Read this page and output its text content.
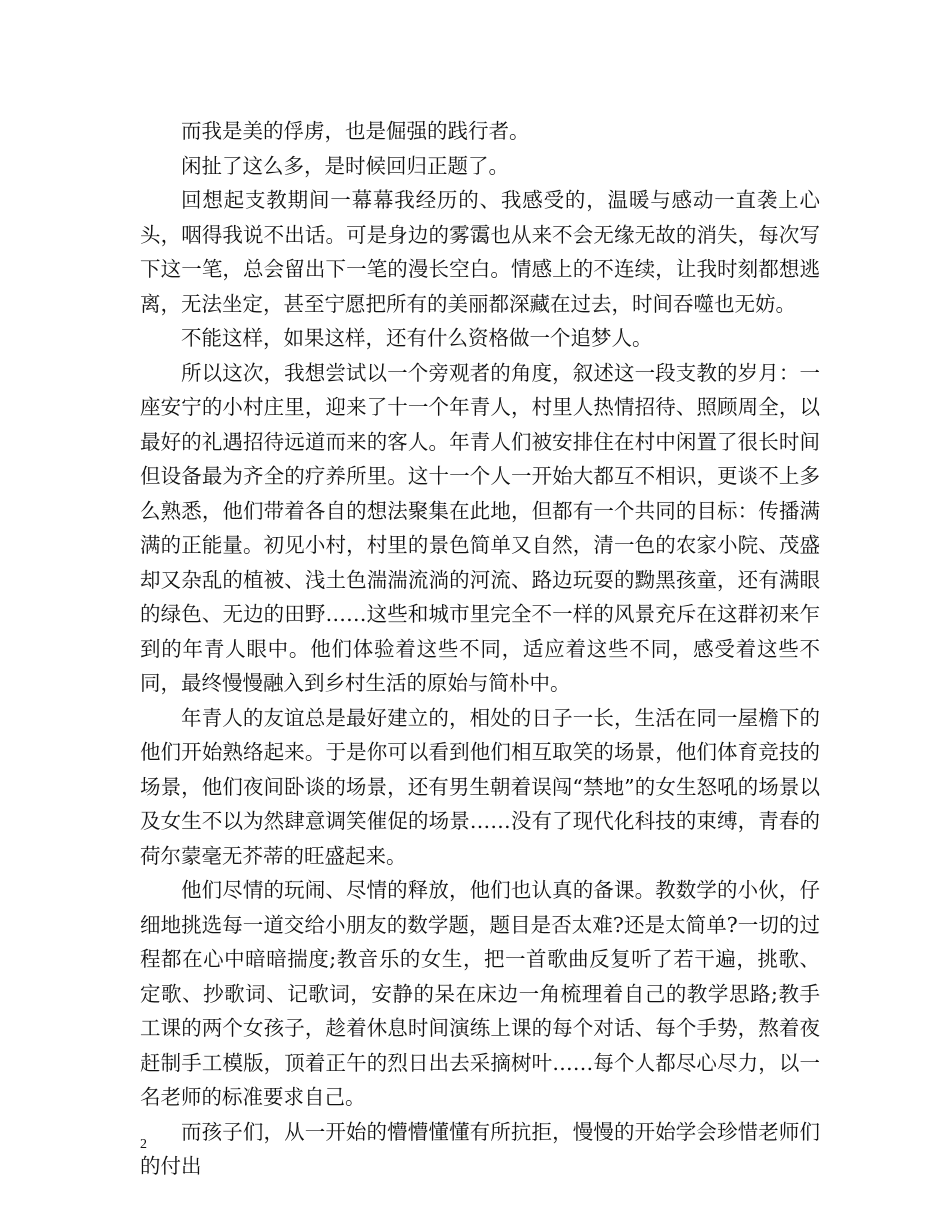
而我是美的俘虏，也是倔强的践行者。

闲扯了这么多，是时候回归正题了。

回想起支教期间一幕幕我经历的、我感受的，温暖与感动一直袭上心头，咽得我说不出话。可是身边的雾霭也从来不会无缘无故的消失，每次写下这一笔，总会留出下一笔的漫长空白。情感上的不连续，让我时刻都想逃离，无法坐定，甚至宁愿把所有的美丽都深藏在过去，时间吞噬也无妨。

不能这样，如果这样，还有什么资格做一个追梦人。

所以这次，我想尝试以一个旁观者的角度，叙述这一段支教的岁月：一座安宁的小村庄里，迎来了十一个年青人，村里人热情招待、照顾周全，以最好的礼遇招待远道而来的客人。年青人们被安排住在村中闲置了很长时间但设备最为齐全的疗养所里。这十一个人一开始大都互不相识，更谈不上多么熟悉，他们带着各自的想法聚集在此地，但都有一个共同的目标：传播满满的正能量。初见小村，村里的景色简单又自然，清一色的农家小院、茂盛却又杂乱的植被、浅土色湍湍流淌的河流、路边玩耍的黝黑孩童，还有满眼的绿色、无边的田野……这些和城市里完全不一样的风景充斥在这群初来乍到的年青人眼中。他们体验着这些不同，适应着这些不同，感受着这些不同，最终慢慢融入到乡村生活的原始与简朴中。

年青人的友谊总是最好建立的，相处的日子一长，生活在同一屋檐下的他们开始熟络起来。于是你可以看到他们相互取笑的场景，他们体育竞技的场景，他们夜间卧谈的场景，还有男生朝着误闯“禁地”的女生怒吼的场景以及女生不以为然肆意调笑催促的场景……没有了现代化科技的束缚，青春的荷尔蒙毫无芥蒂的旺盛起来。

他们尽情的玩闹、尽情的释放，他们也认真的备课。教数学的小伙，仔细地挑选每一道交给小朋友的数学题，题目是否太难?还是太简单?一切的过程都在心中暗暗揣度;教音乐的女生，把一首歌曲反复听了若干遍，挑歌、定歌、抄歌词、记歌词，安静的呆在床边一角梳理着自己的教学思路;教手工课的两个女孩子，趁着休息时间演练上课的每个对话、每个手势，熬着夜赶制手工模版，顶着正午的烈日出去采摘树叶……每个人都尽心尽力，以一名老师的标准要求自己。

而孩子们，从一开始的懵懵懂懂有所抗拒，慢慢的开始学会珍惜老师们的付出

2
